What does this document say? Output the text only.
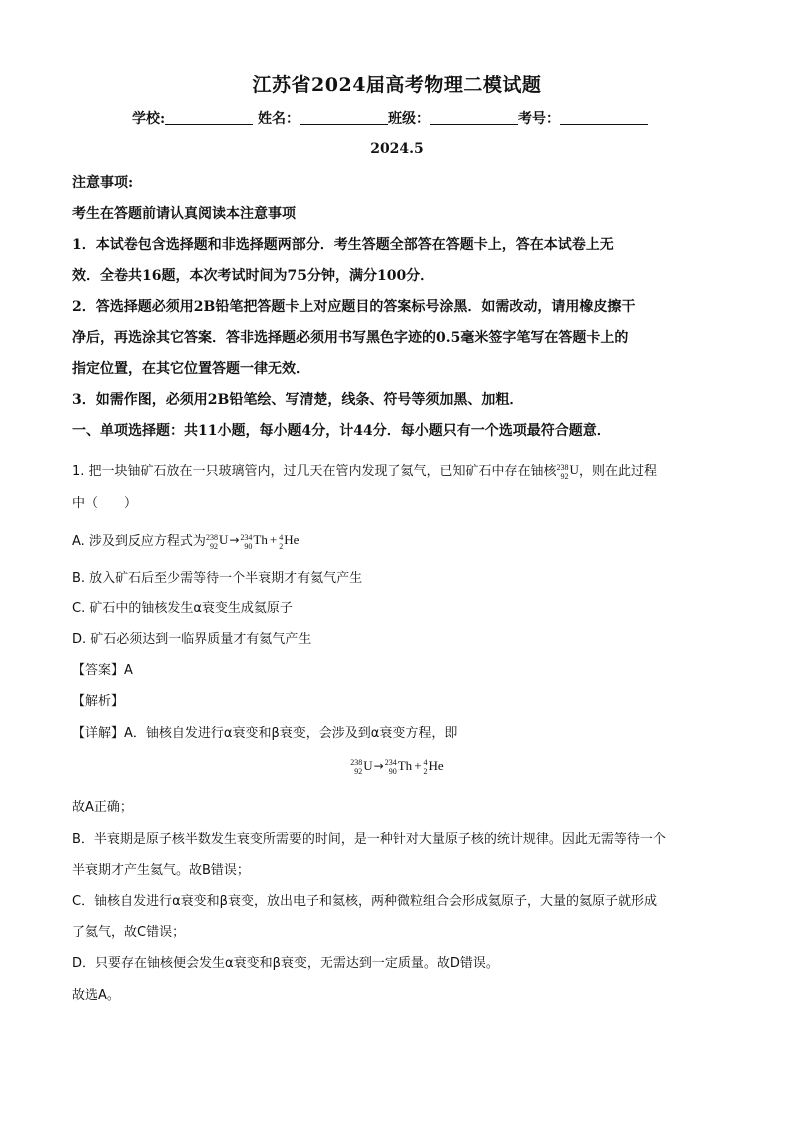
江苏省2024届高考物理二模试题
学校:	姓名：	班级：	考号：
2024.5
注意事项:
考生在答题前请认真阅读本注意事项
1．本试卷包含选择题和非选择题两部分．考生答题全部答在答题卡上，答在本试卷上无
效．全卷共16题，本次考试时间为75分钟，满分100分．
2．答选择题必须用2B铅笔把答题卡上对应题目的答案标号涂黑．如需改动，请用橡皮擦干
净后，再选涂其它答案．答非选择题必须用书写黑色字迹的0.5毫米签字笔写在答题卡上的
指定位置，在其它位置答题一律无效．
3．如需作图，必须用2B铅笔绘、写清楚，线条、符号等须加黑、加粗．
一、单项选择题：共11小题，每小题4分，计44分．每小题只有一个选项最符合题意．
1. 把一块铀矿石放在一只玻璃管内，过几天在管内发现了氦气，已知矿石中存在铀核 238
92 U，则在此过程
中（　　）
A. 涉及到反应方程式为 238
92 U→ 234
90 Th + 4
2 He
B. 放入矿石后至少需等待一个半衰期才有氦气产生
C. 矿石中的铀核发生α衰变生成氦原子
D. 矿石必须达到一临界质量才有氦气产生
【答案】A
【解析】
【详解】A．铀核自发进行α衰变和β衰变，会涉及到α衰变方程，即
238
92 U→ 234
90 Th + 4
2 He
故A正确；
B．半衰期是原子核半数发生衰变所需要的时间，是一种针对大量原子核的统计规律。因此无需等待一个
半衰期才产生氦气。故B错误；
C．铀核自发进行α衰变和β衰变，放出电子和氦核，两种微粒组合会形成氦原子，大量的氦原子就形成
了氦气，故C错误；
D．只要存在铀核便会发生α衰变和β衰变，无需达到一定质量。故D错误。
故选A。
